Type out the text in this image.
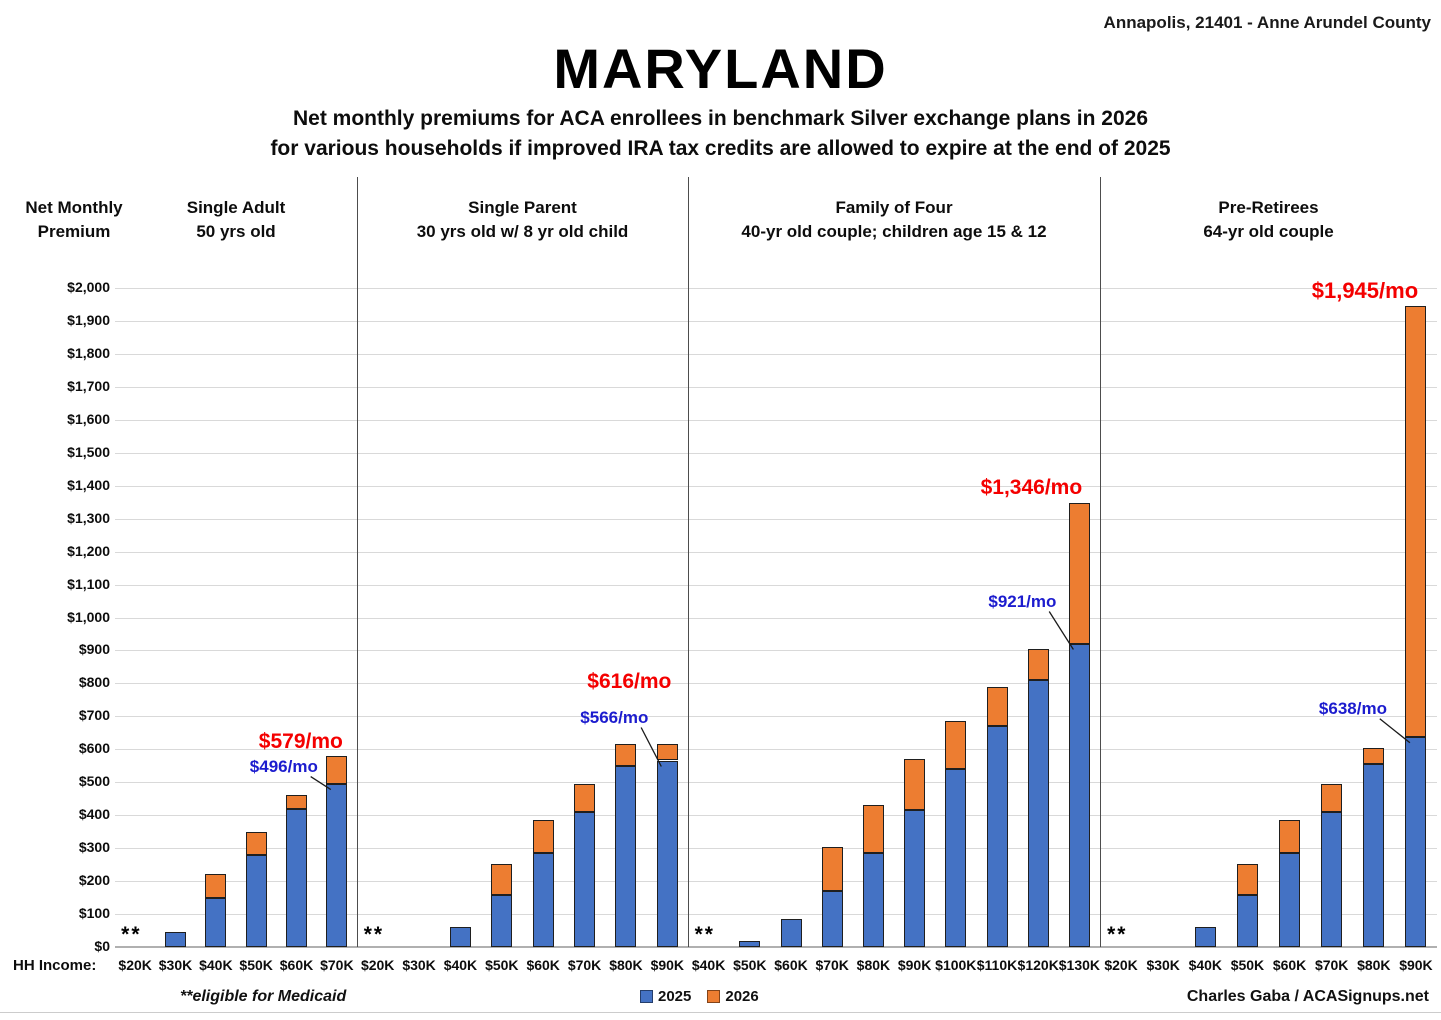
Annapolis, 21401 - Anne Arundel County
MARYLAND
Net monthly premiums for ACA enrollees in benchmark Silver exchange plans in 2026
for various households if improved IRA tax credits are allowed to expire at the end of 2025
Net Monthly
Premium
Single Adult
50 yrs old
Single Parent
30 yrs old w/ 8 yr old child
Family of Four
40-yr old couple; children age 15 & 12
Pre-Retirees
64-yr old couple
$0
$100
$200
$300
$400
$500
$600
$700
$800
$900
$1,000
$1,100
$1,200
$1,300
$1,400
$1,500
$1,600
$1,700
$1,800
$1,900
$2,000
**	**	**	**
$20K $30K $40K $50K $60K $70K $20K $30K $40K $50K $60K $70K $80K $90K $40K $50K $60K $70K $80K $90K $100K $110K $120K $130K $20K $30K $40K $50K $60K $70K $80K $90K
$579/mo
$496/mo
$616/mo
$566/mo
$1,346/mo
$921/mo
$1,945/mo
$638/mo
HH Income:
**eligible for Medicaid	2025 2026	Charles Gaba / ACASignups.net
